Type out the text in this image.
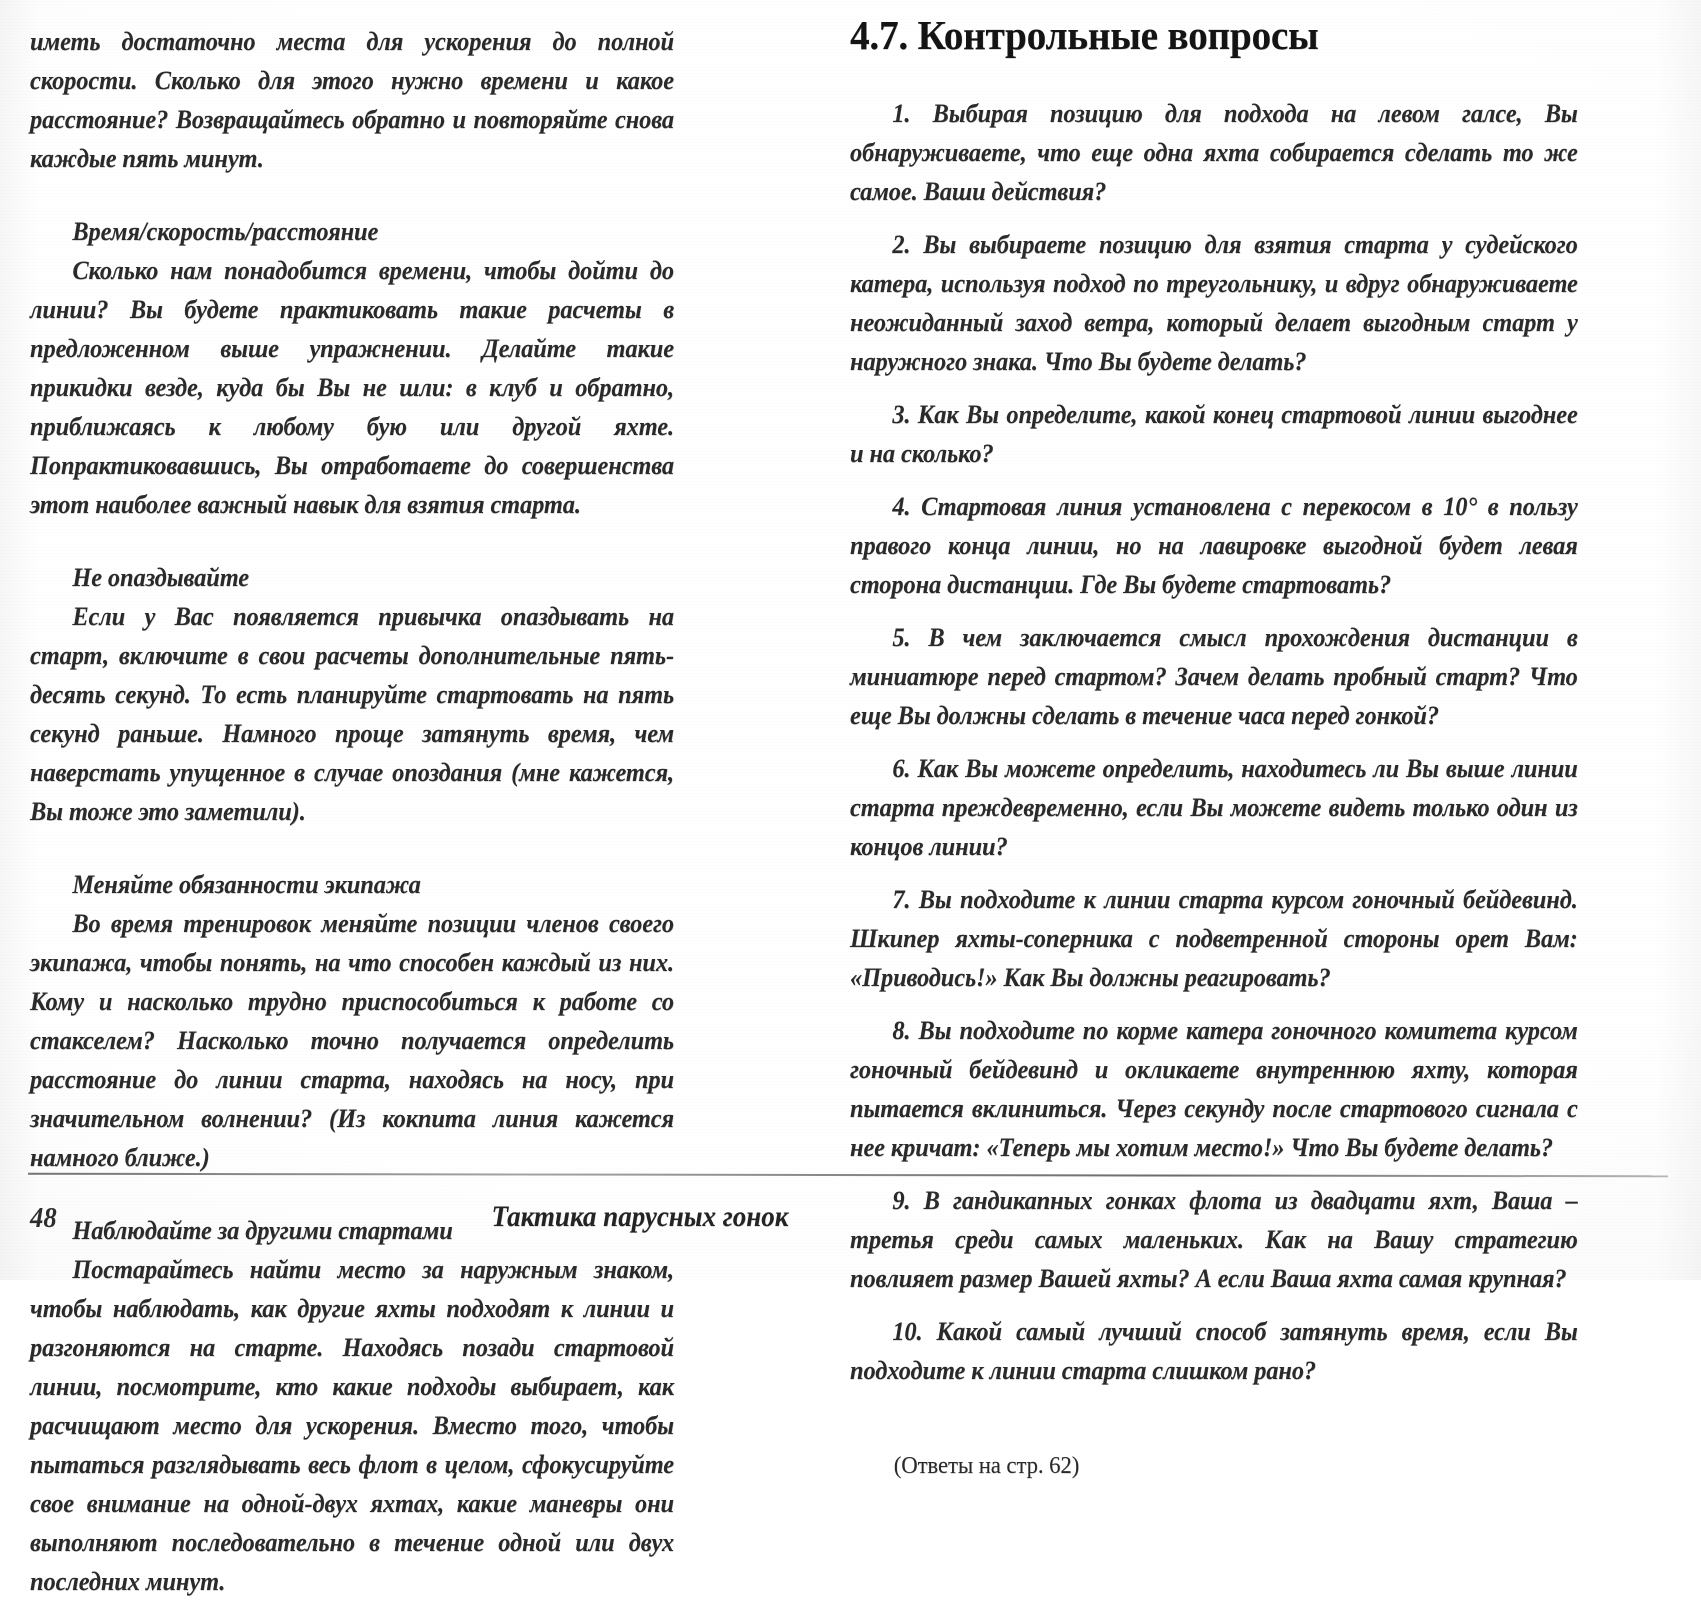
иметь достаточно места для ускорения до полной скорости. Сколько для этого нужно времени и какое расстояние? Возвращайтесь обратно и повторяйте снова каждые пять минут.

Время/скорость/расстояние

Сколько нам понадобится времени, чтобы дойти до линии? Вы будете практиковать такие расчеты в предложенном выше упражнении. Делайте такие прикидки везде, куда бы Вы не шли: в клуб и обратно, приближаясь к любому бую или другой яхте. Попрактиковавшись, Вы отработаете до совершенства этот наиболее важный навык для взятия старта.

Не опаздывайте

Если у Вас появляется привычка опаздывать на старт, включите в свои расчеты дополнительные пять-десять секунд. То есть планируйте стартовать на пять секунд раньше. Намного проще затянуть время, чем наверстать упущенное в случае опоздания (мне кажется, Вы тоже это заметили).

Меняйте обязанности экипажа

Во время тренировок меняйте позиции членов своего экипажа, чтобы понять, на что способен каждый из них. Кому и насколько трудно приспособиться к работе со стакселем? Насколько точно получается определить расстояние до линии старта, находясь на носу, при значительном волнении? (Из кокпита линия кажется намного ближе.)

Наблюдайте за другими стартами

Постарайтесь найти место за наружным знаком, чтобы наблюдать, как другие яхты подходят к линии и разгоняются на старте. Находясь позади стартовой линии, посмотрите, кто какие подходы выбирает, как расчищают место для ускорения. Вместо того, чтобы пытаться разглядывать весь флот в целом, сфокусируйте свое внимание на одной-двух яхтах, какие маневры они выполняют последовательно в течение одной или двух последних минут.

4.7. Контрольные вопросы

1. Выбирая позицию для подхода на левом галсе, Вы обнаруживаете, что еще одна яхта собирается сделать то же самое. Ваши действия?

2. Вы выбираете позицию для взятия старта у судейского катера, используя подход по треугольнику, и вдруг обнаруживаете неожиданный заход ветра, который делает выгодным старт у наружного знака. Что Вы будете делать?

3. Как Вы определите, какой конец стартовой линии выгоднее и на сколько?

4. Стартовая линия установлена с перекосом в 10° в пользу правого конца линии, но на лавировке выгодной будет левая сторона дистанции. Где Вы будете стартовать?

5. В чем заключается смысл прохождения дистанции в миниатюре перед стартом? Зачем делать пробный старт? Что еще Вы должны сделать в течение часа перед гонкой?

6. Как Вы можете определить, находитесь ли Вы выше линии старта преждевременно, если Вы можете видеть только один из концов линии?

7. Вы подходите к линии старта курсом гоночный бейдевинд. Шкипер яхты-соперника с подветренной стороны орет Вам: «Приводись!» Как Вы должны реагировать?

8. Вы подходите по корме катера гоночного комитета курсом гоночный бейдевинд и окликаете внутреннюю яхту, которая пытается вклиниться. Через секунду после стартового сигнала с нее кричат: «Теперь мы хотим место!» Что Вы будете делать?

9. В гандикапных гонках флота из двадцати яхт, Ваша – третья среди самых маленьких. Как на Вашу стратегию повлияет размер Вашей яхты? А если Ваша яхта самая крупная?

10. Какой самый лучший способ затянуть время, если Вы подходите к линии старта слишком рано?

(Ответы на стр. 62)

48	Тактика парусных гонок
